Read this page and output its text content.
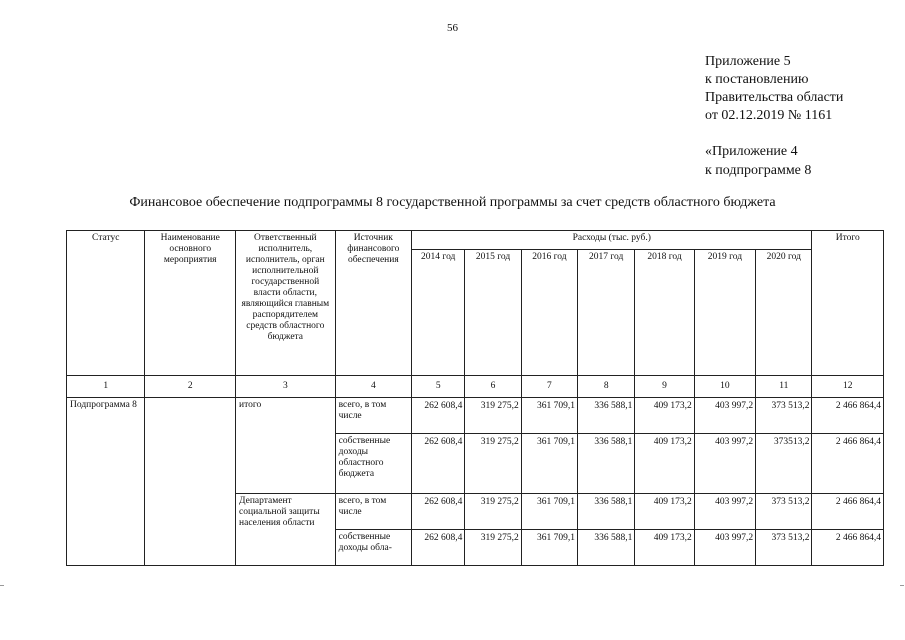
56
Приложение 5
к постановлению
Правительства области
от 02.12.2019 № 1161
«Приложение 4
к подпрограмме 8
Финансовое обеспечение подпрограммы 8 государственной программы за счет средств областного бюджета
Статус	Наименование основного мероприятия	Ответственный исполнитель, исполнитель, орган исполнительной государственной власти области, являющийся главным распорядителем средств областного бюджета	Источник финансового обеспечения	Расходы (тыс. руб.)							Итого
				2014 год	2015 год	2016 год	2017 год	2018 год	2019 год	2020 год	
1	2	3	4	5	6	7	8	9	10	11	12
Подпрограмма 8		итого	всего, в том числе	262 608,4	319 275,2	361 709,1	336 588,1	409 173,2	403 997,2	373 513,2	2 466 864,4
			собственные доходы областного бюджета	262 608,4	319 275,2	361 709,1	336 588,1	409 173,2	403 997,2	373513,2	2 466 864,4
		Департамент социальной защиты населения области	всего, в том числе	262 608,4	319 275,2	361 709,1	336 588,1	409 173,2	403 997,2	373 513,2	2 466 864,4
			собственные доходы обла-	262 608,4	319 275,2	361 709,1	336 588,1	409 173,2	403 997,2	373 513,2	2 466 864,4
